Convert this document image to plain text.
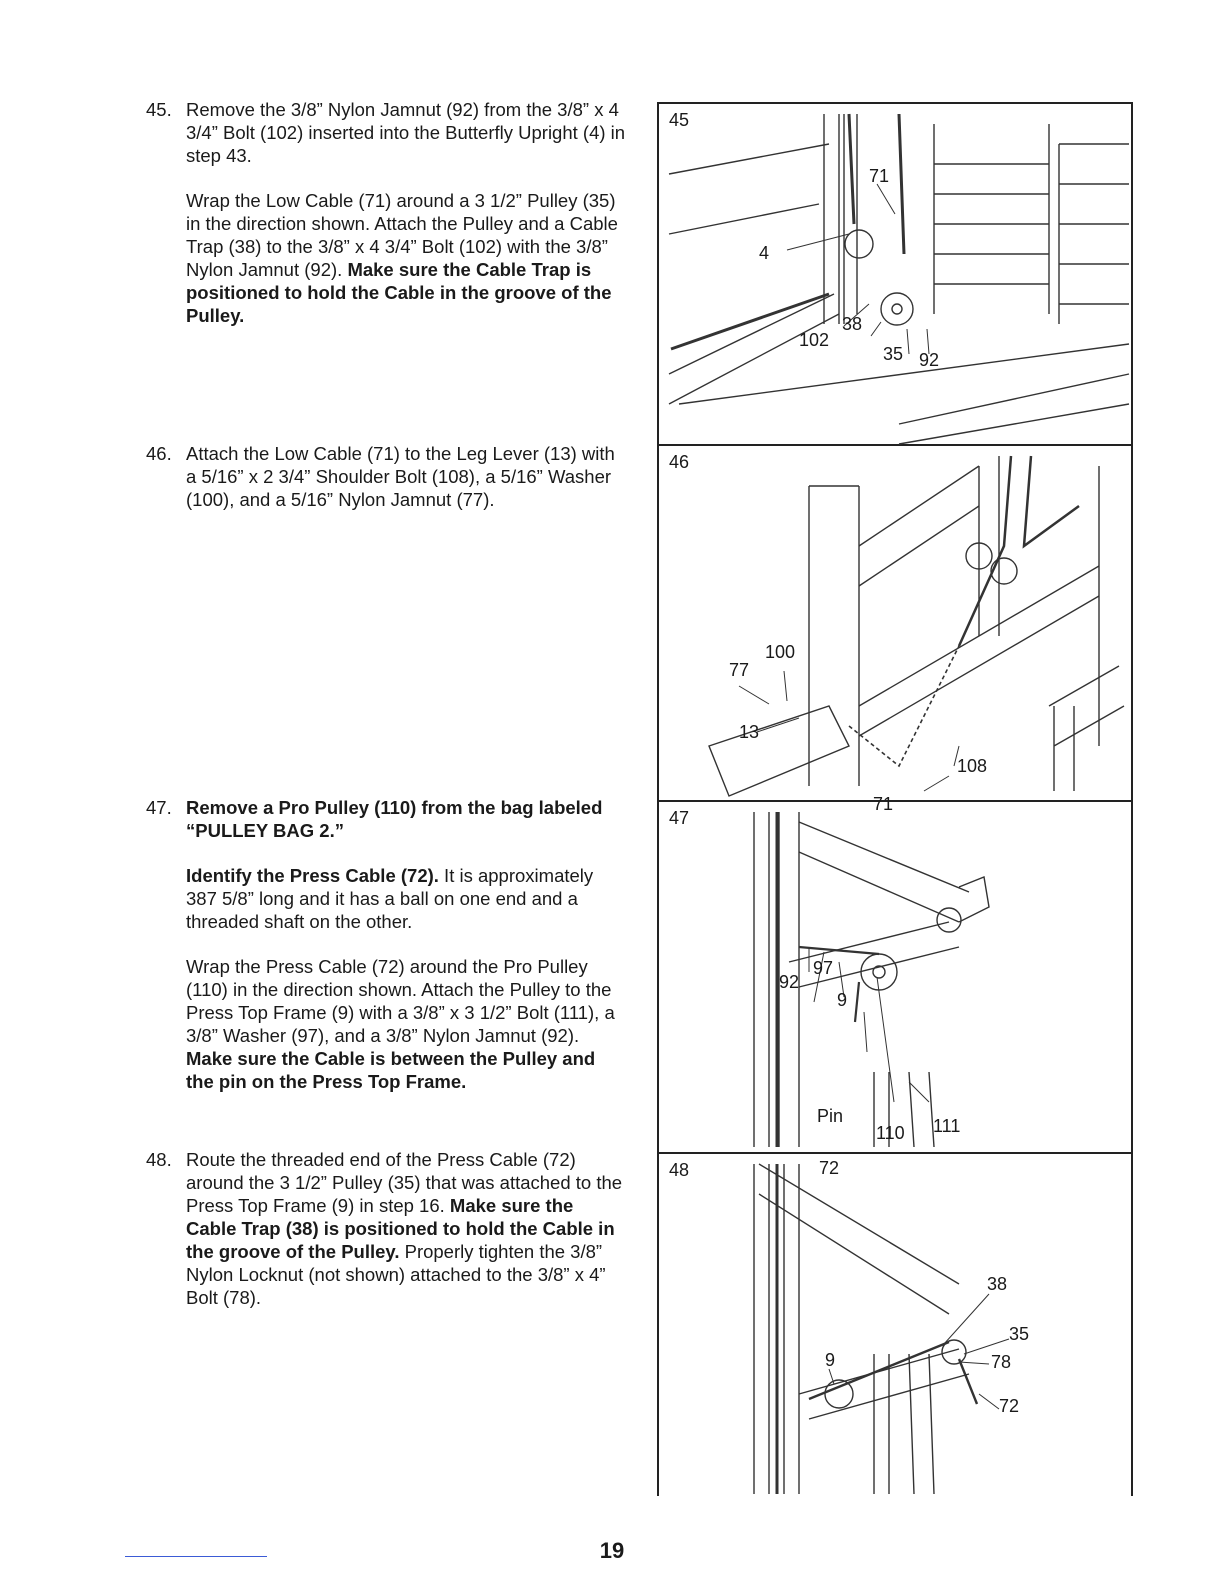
45. Remove the 3/8” Nylon Jamnut (92) from the 3/8” x 4 3/4” Bolt (102) inserted into the Butterfly Upright (4) in step 43.
Wrap the Low Cable (71) around a 3 1/2” Pulley (35) in the direction shown. Attach the Pulley and a Cable Trap (38) to the 3/8” x 4 3/4” Bolt (102) with the 3/8” Nylon Jamnut (92). Make sure the Cable Trap is positioned to hold the Cable in the groove of the Pulley.
46. Attach the Low Cable (71) to the Leg Lever (13) with a 5/16” x 2 3/4” Shoulder Bolt (108), a 5/16” Washer (100), and a 5/16” Nylon Jamnut (77).
47. Remove a Pro Pulley (110) from the bag labeled “PULLEY BAG 2.”
Identify the Press Cable (72). It is approximately 387 5/8” long and it has a ball on one end and a threaded shaft on the other.
Wrap the Press Cable (72) around the Pro Pulley (110) in the direction shown. Attach the Pulley to the Press Top Frame (9) with a 3/8” x 3 1/2” Bolt (111), a 3/8” Washer (97), and a 3/8” Nylon Jamnut (92). Make sure the Cable is between the Pulley and the pin on the Press Top Frame.
48. Route the threaded end of the Press Cable (72) around the 3 1/2” Pulley (35) that was attached to the Press Top Frame (9) in step 16. Make sure the Cable Trap (38) is positioned to hold the Cable in the groove of the Pulley. Properly tighten the 3/8” Nylon Locknut (not shown) attached to the 3/8” x 4” Bolt (78).
45
71
4
38
102
35 92
46
100
77
13
108
71
47
97
92
9
Pin
110 111
72
48
38
35
9	78
72
19
